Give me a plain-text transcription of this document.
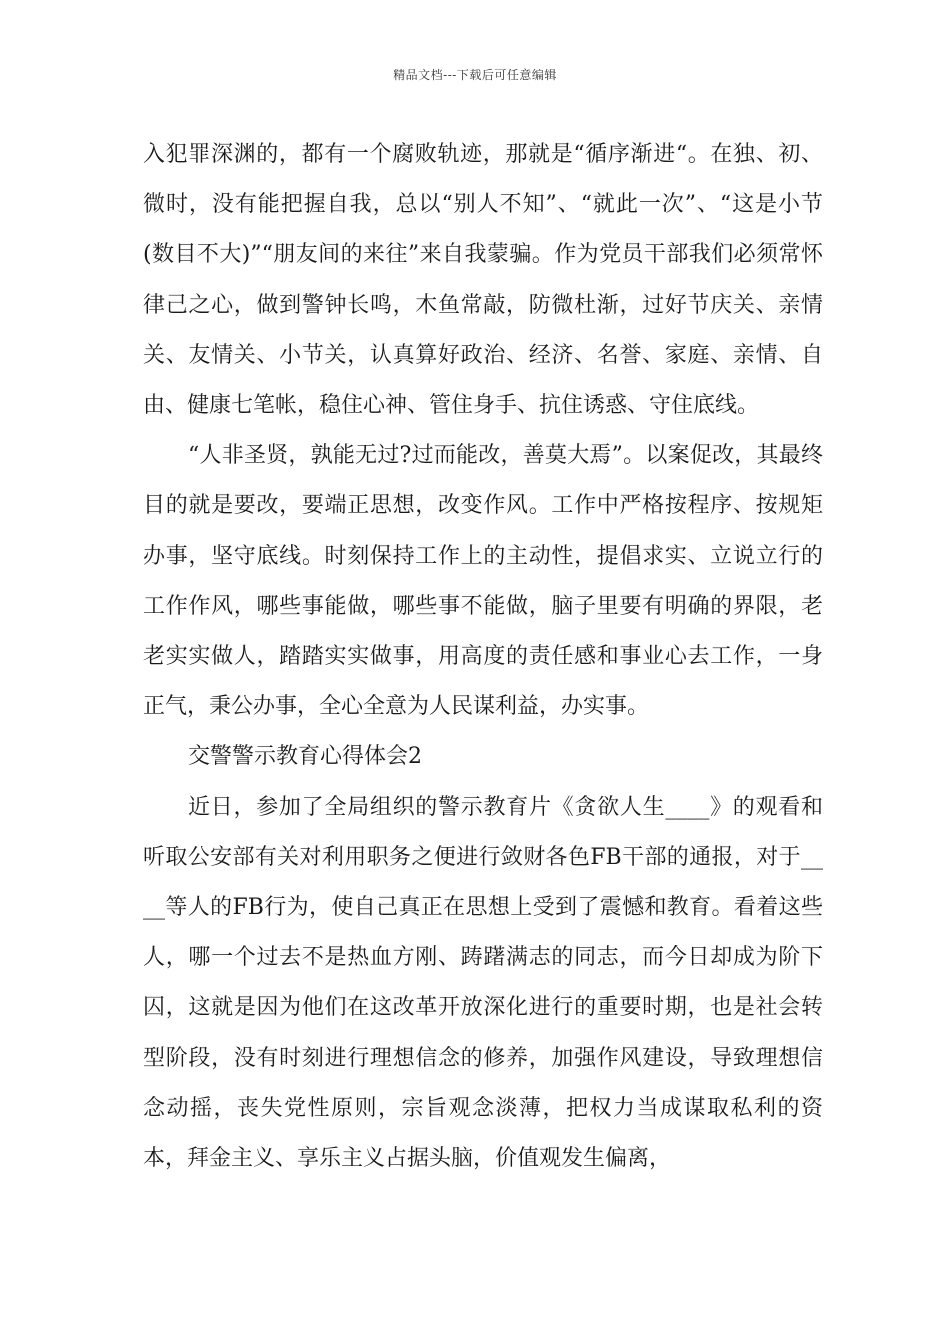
精品文档---下载后可任意编辑

入犯罪深渊的，都有一个腐败轨迹，那就是“循序渐进“。在独、初、微时，没有能把握自我，总以“别人不知”、“就此一次”、“这是小节(数目不大)”“朋友间的来往”来自我蒙骗。作为党员干部我们必须常怀律己之心，做到警钟长鸣，木鱼常敲，防微杜渐，过好节庆关、亲情关、友情关、小节关，认真算好政治、经济、名誉、家庭、亲情、自由、健康七笔帐，稳住心神、管住身手、抗住诱惑、守住底线。

“人非圣贤，孰能无过?过而能改，善莫大焉”。以案促改，其最终目的就是要改，要端正思想，改变作风。工作中严格按程序、按规矩办事，坚守底线。时刻保持工作上的主动性，提倡求实、立说立行的工作作风，哪些事能做，哪些事不能做，脑子里要有明确的界限，老老实实做人，踏踏实实做事，用高度的责任感和事业心去工作，一身正气，秉公办事，全心全意为人民谋利益，办实事。

交警警示教育心得体会2

近日，参加了全局组织的警示教育片《贪欲人生____》的观看和听取公安部有关对利用职务之便进行敛财各色FB干部的通报，对于____等人的FB行为，使自己真正在思想上受到了震憾和教育。看着这些人，哪一个过去不是热血方刚、踌躇满志的同志，而今日却成为阶下囚，这就是因为他们在这改革开放深化进行的重要时期，也是社会转型阶段，没有时刻进行理想信念的修养，加强作风建设，导致理想信念动摇，丧失党性原则，宗旨观念淡薄，把权力当成谋取私利的资本，拜金主义、享乐主义占据头脑，价值观发生偏离，
